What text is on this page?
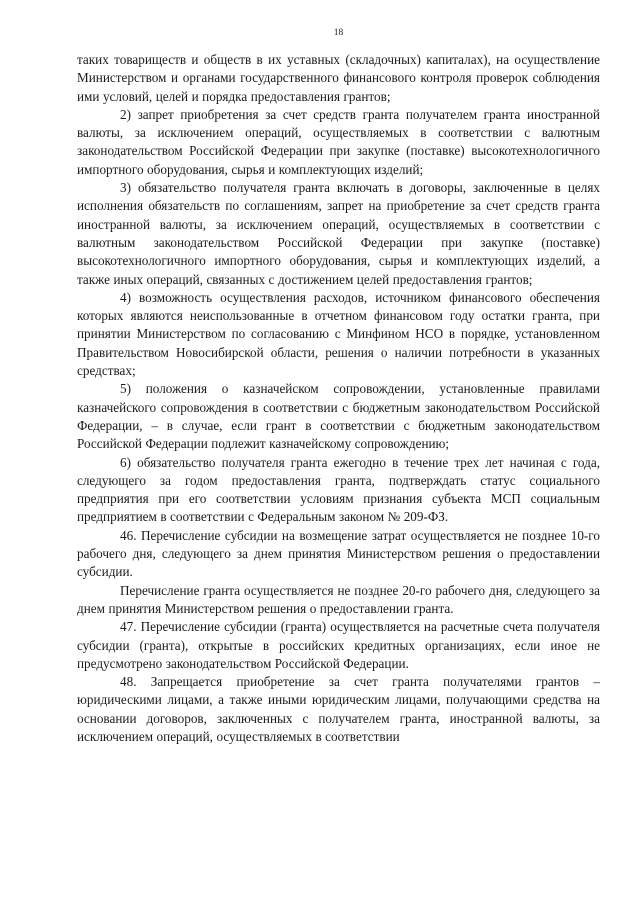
18

таких товариществ и обществ в их уставных (складочных) капиталах), на осуществление Министерством и органами государственного финансового контроля проверок соблюдения ими условий, целей и порядка предоставления грантов;

2) запрет приобретения за счет средств гранта получателем гранта иностранной валюты, за исключением операций, осуществляемых в соответствии с валютным законодательством Российской Федерации при закупке (поставке) высокотехнологичного импортного оборудования, сырья и комплектующих изделий;

3) обязательство получателя гранта включать в договоры, заключенные в целях исполнения обязательств по соглашениям, запрет на приобретение за счет средств гранта иностранной валюты, за исключением операций, осуществляемых в соответствии с валютным законодательством Российской Федерации при закупке (поставке) высокотехнологичного импортного оборудования, сырья и комплектующих изделий, а также иных операций, связанных с достижением целей предоставления грантов;

4) возможность осуществления расходов, источником финансового обеспечения которых являются неиспользованные в отчетном финансовом году остатки гранта, при принятии Министерством по согласованию с Минфином НСО в порядке, установленном Правительством Новосибирской области, решения о наличии потребности в указанных средствах;

5) положения о казначейском сопровождении, установленные правилами казначейского сопровождения в соответствии с бюджетным законодательством Российской Федерации, – в случае, если грант в соответствии с бюджетным законодательством Российской Федерации подлежит казначейскому сопровождению;

6) обязательство получателя гранта ежегодно в течение трех лет начиная с года, следующего за годом предоставления гранта, подтверждать статус социального предприятия при его соответствии условиям признания субъекта МСП социальным предприятием в соответствии с Федеральным законом № 209-ФЗ.

46. Перечисление субсидии на возмещение затрат осуществляется не позднее 10-го рабочего дня, следующего за днем принятия Министерством решения о предоставлении субсидии.

Перечисление гранта осуществляется не позднее 20-го рабочего дня, следующего за днем принятия Министерством решения о предоставлении гранта.

47. Перечисление субсидии (гранта) осуществляется на расчетные счета получателя субсидии (гранта), открытые в российских кредитных организациях, если иное не предусмотрено законодательством Российской Федерации.

48. Запрещается приобретение за счет гранта получателями грантов – юридическими лицами, а также иными юридическим лицами, получающими средства на основании договоров, заключенных с получателем гранта, иностранной валюты, за исключением операций, осуществляемых в соответствии
